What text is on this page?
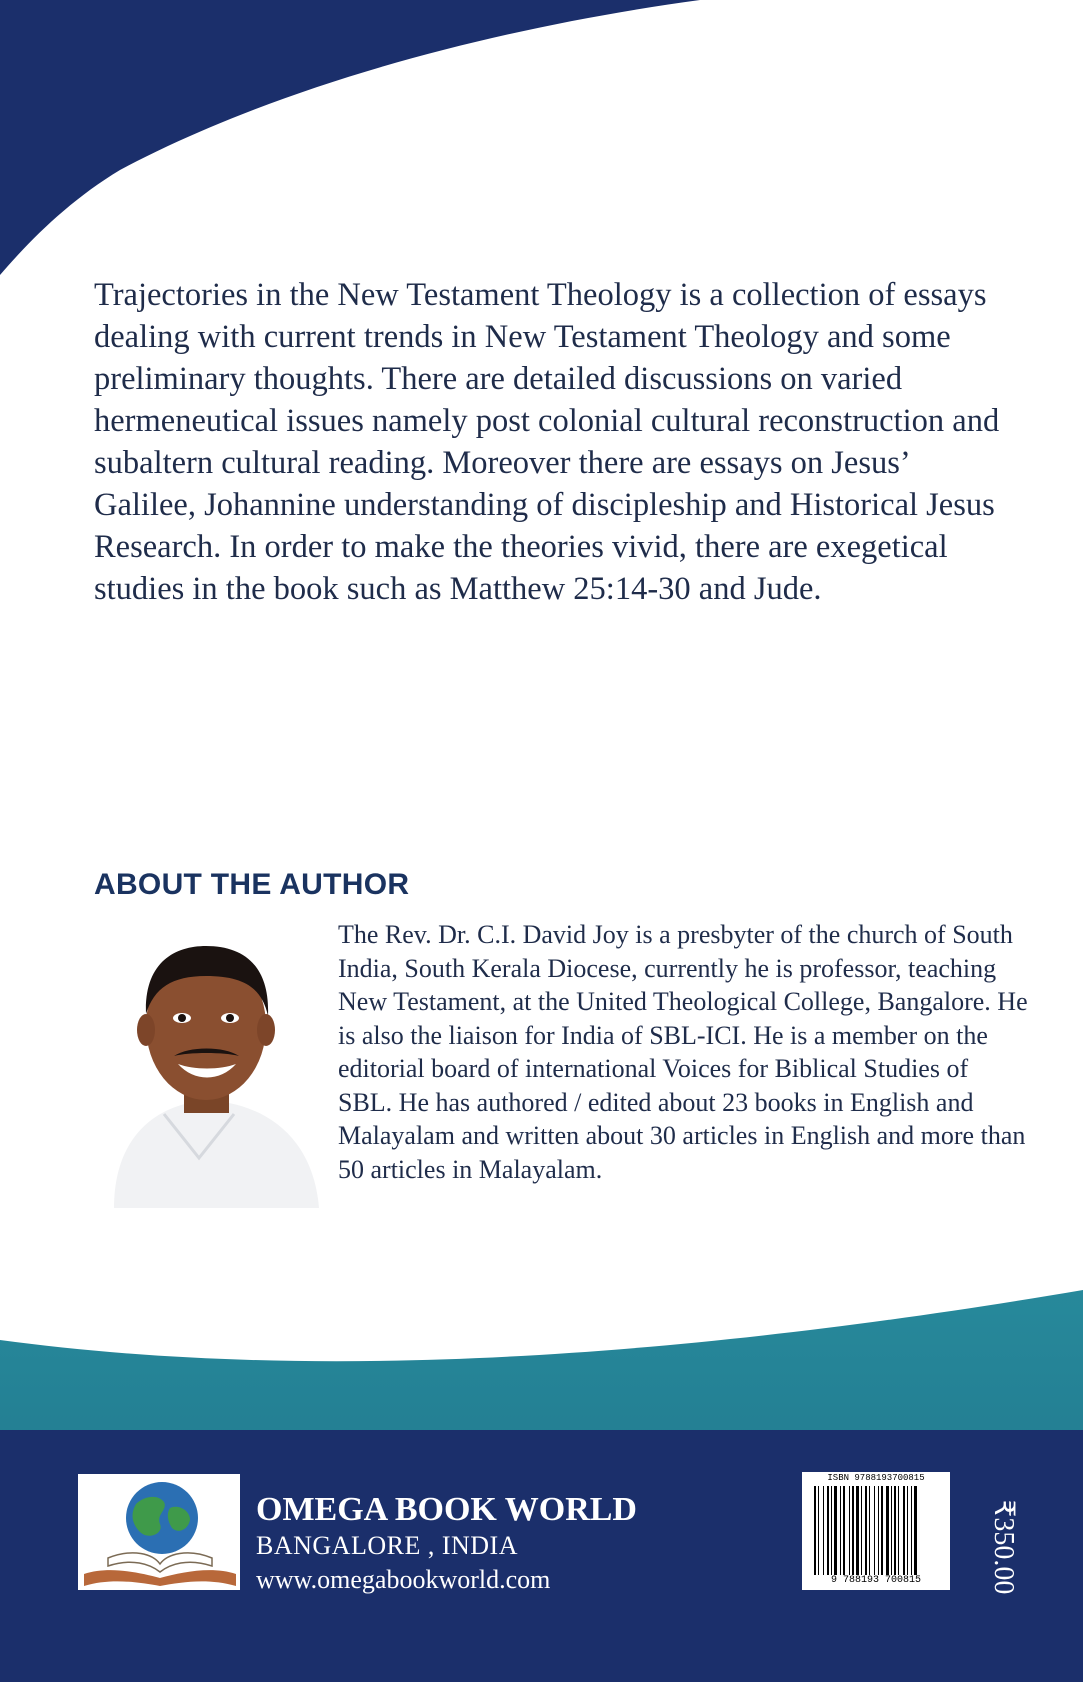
Trajectories in the New Testament Theology is a collection of essays dealing with current trends in New Testament Theology and some preliminary thoughts. There are detailed discussions on varied hermeneutical issues namely post colonial cultural reconstruction and subaltern cultural reading. Moreover there are essays on Jesus’ Galilee, Johannine understanding of discipleship and Historical Jesus Research. In order to make the theories vivid, there are exegetical studies in the book such as Matthew 25:14-30 and Jude.

ABOUT THE AUTHOR

The Rev. Dr. C.I. David Joy is a presbyter of the church of South India, South Kerala Diocese, currently he is professor, teaching New Testament, at the United Theological College, Bangalore. He is also the liaison for India of SBL-ICI. He is a member on the editorial board of international Voices for Biblical Studies of SBL. He has authored / edited about 23 books in English and Malayalam and written about 30 articles in English and more than 50 articles in Malayalam.

OMEGA BOOK WORLD

BANGALORE , INDIA

www.omegabookworld.com

ISBN 9788193700815
9 788193 700815	₹350.00
